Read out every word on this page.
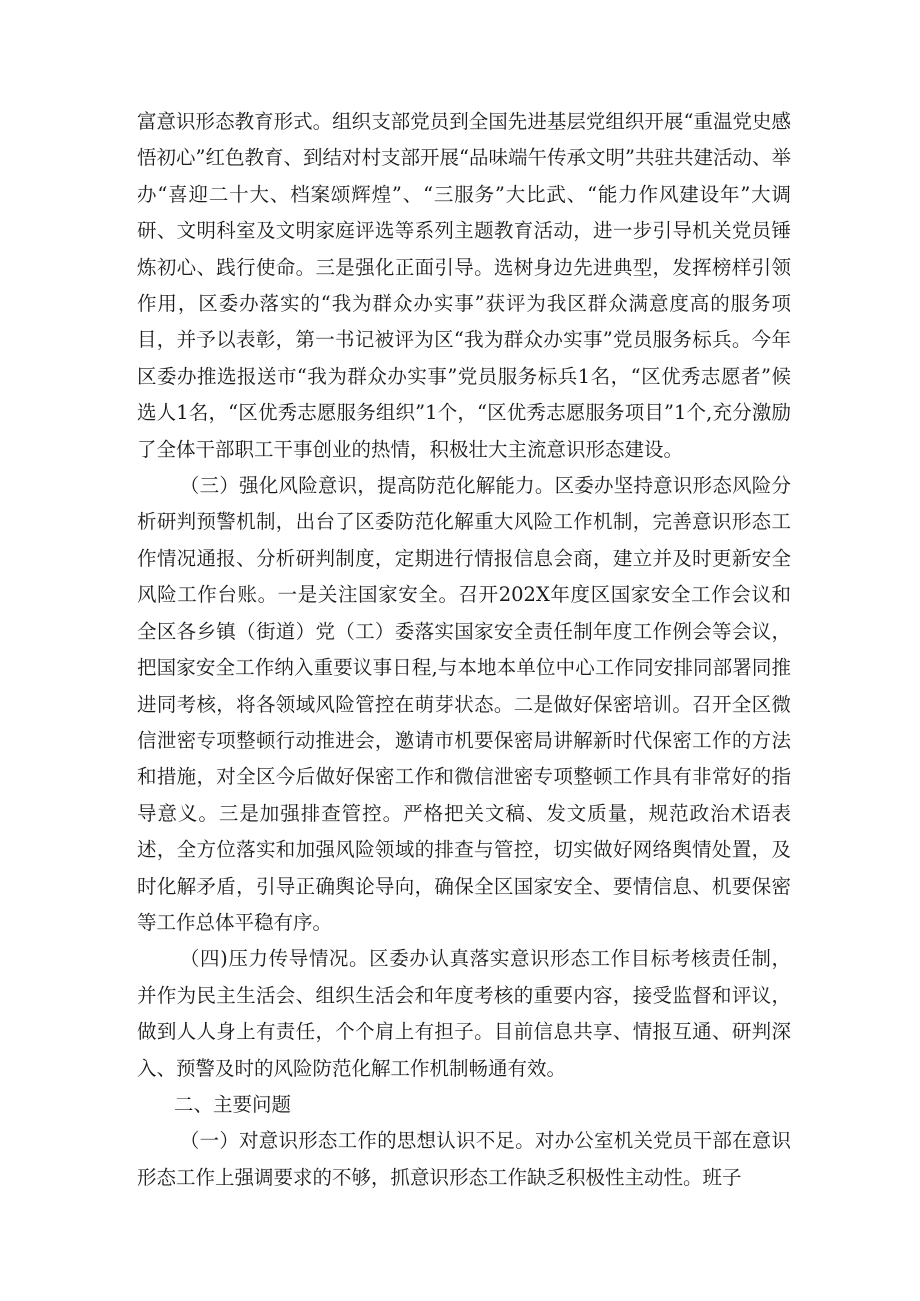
富意识形态教育形式。组织支部党员到全国先进基层党组织开展“重温党史感悟初心”红色教育、到结对村支部开展“品味端午传承文明”共驻共建活动、举办“喜迎二十大、档案颂辉煌”、“三服务”大比武、“能力作风建设年”大调研、文明科室及文明家庭评选等系列主题教育活动，进一步引导机关党员锤炼初心、践行使命。三是强化正面引导。选树身边先进典型，发挥榜样引领作用，区委办落实的“我为群众办实事”获评为我区群众满意度高的服务项目，并予以表彰，第一书记被评为区“我为群众办实事”党员服务标兵。今年区委办推选报送市“我为群众办实事”党员服务标兵1名，“区优秀志愿者”候选人1名，“区优秀志愿服务组织”1个，“区优秀志愿服务项目”1个,充分激励了全体干部职工干事创业的热情，积极壮大主流意识形态建设。

（三）强化风险意识，提高防范化解能力。区委办坚持意识形态风险分析研判预警机制，出台了区委防范化解重大风险工作机制，完善意识形态工作情况通报、分析研判制度，定期进行情报信息会商，建立并及时更新安全风险工作台账。一是关注国家安全。召开202X年度区国家安全工作会议和全区各乡镇（街道）党（工）委落实国家安全责任制年度工作例会等会议，把国家安全工作纳入重要议事日程,与本地本单位中心工作同安排同部署同推进同考核，将各领域风险管控在萌芽状态。二是做好保密培训。召开全区微信泄密专项整顿行动推进会，邀请市机要保密局讲解新时代保密工作的方法和措施，对全区今后做好保密工作和微信泄密专项整顿工作具有非常好的指导意义。三是加强排查管控。严格把关文稿、发文质量，规范政治术语表述，全方位落实和加强风险领域的排查与管控，切实做好网络舆情处置，及时化解矛盾，引导正确舆论导向，确保全区国家安全、要情信息、机要保密等工作总体平稳有序。

（四)压力传导情况。区委办认真落实意识形态工作目标考核责任制，并作为民主生活会、组织生活会和年度考核的重要内容，接受监督和评议，做到人人身上有责任，个个肩上有担子。目前信息共享、情报互通、研判深入、预警及时的风险防范化解工作机制畅通有效。

二、主要问题

（一）对意识形态工作的思想认识不足。对办公室机关党员干部在意识形态工作上强调要求的不够，抓意识形态工作缺乏积极性主动性。班子
